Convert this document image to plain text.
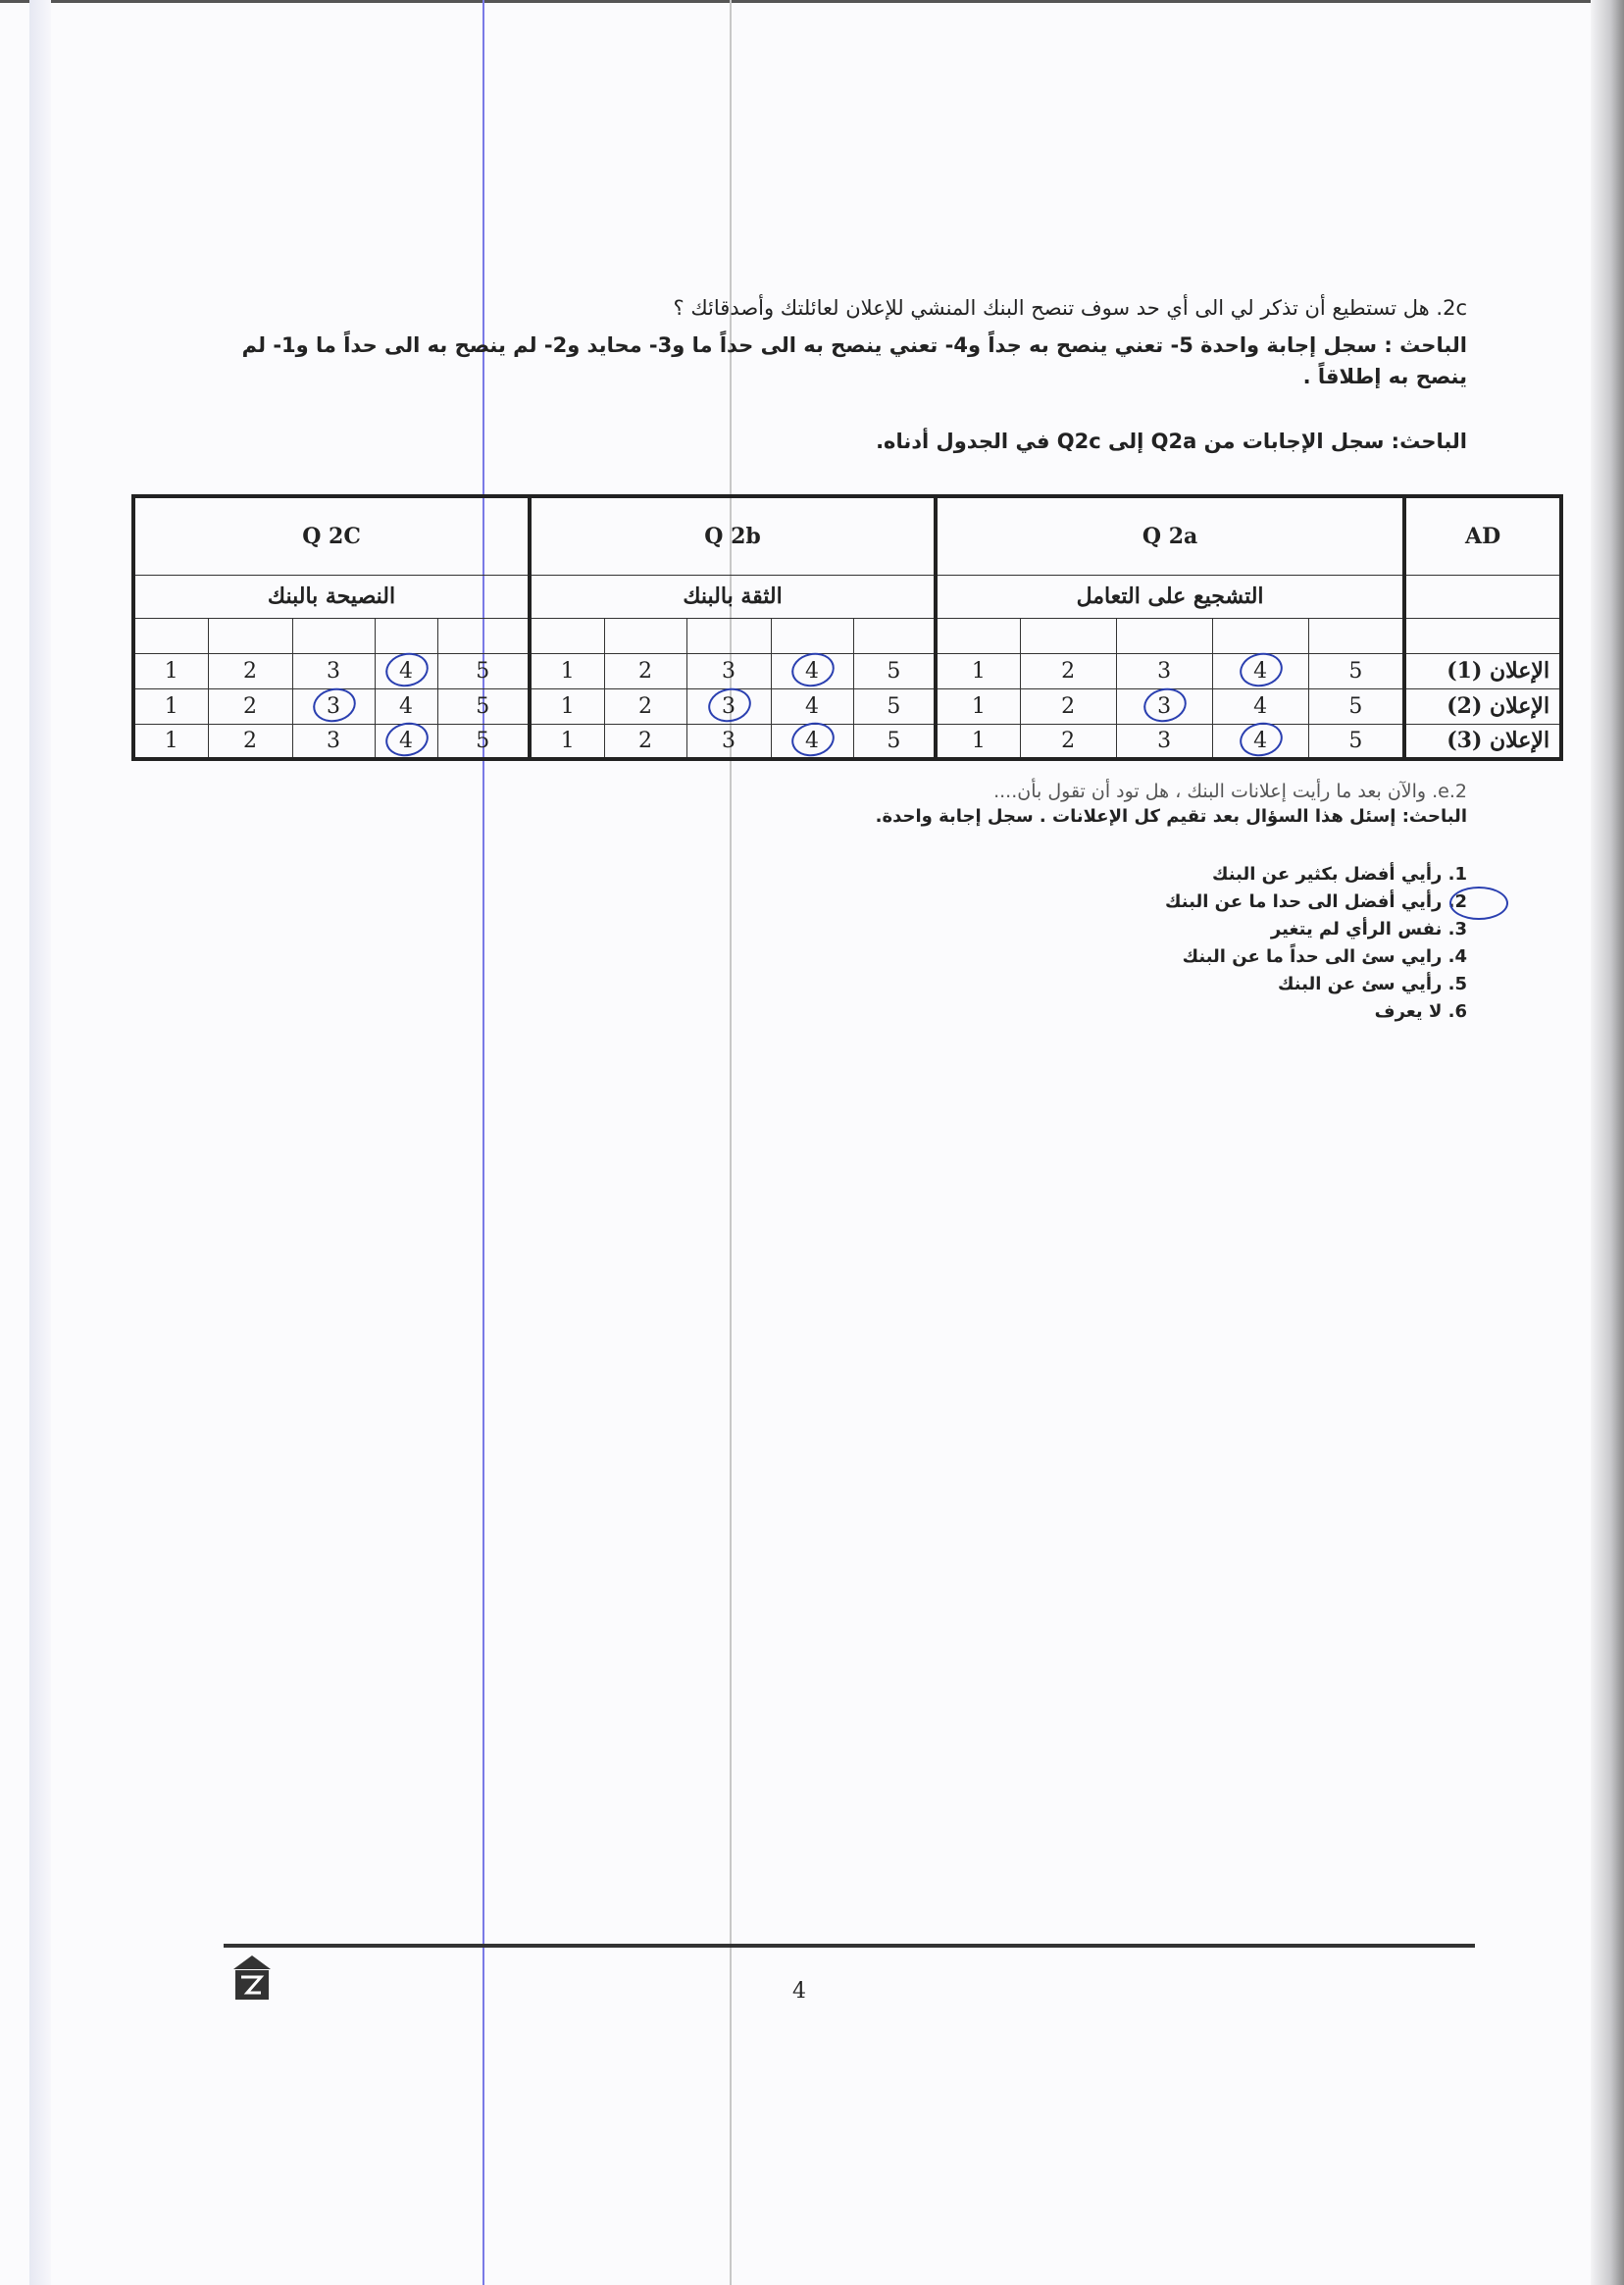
2c. هل تستطيع أن تذكر لي الى أي حد سوف تنصح البنك المنشي للإعلان لعائلتك وأصدقائك ؟
الباحث : سجل إجابة واحدة 5- تعني ينصح به جداً و4- تعني ينصح به الى حداً ما و3- محايد و2- لم ينصح به الى حداً ما و1- لم ينصح به إطلاقاً .
الباحث: سجل الإجابات من Q2a إلى Q2c في الجدول أدناه.
Q 2C					Q 2b					Q 2a					AD
النصيحة بالبنك					الثقة بالبنك					التشجيع على التعامل					

1	2	3	4	5	1	2	3	4	5	1	2	3	4	5	الإعلان (1)
1	2	3	4	5	1	2	3	4	5	1	2	3	4	5	الإعلان (2)
1	2	3	4	5	1	2	3	4	5	1	2	3	4	5	الإعلان (3)
2.e. والآن بعد ما رأيت إعلانات البنك ، هل تود أن تقول بأن....
الباحث: إسئل هذا السؤال بعد تقيم كل الإعلانات . سجل إجابة واحدة.
1. رأيي أفضل بكثير عن البنك
2. رأيي أفضل الى حدا ما عن البنك
3. نفس الرأي لم يتغير
4. رايي سئ الى حداً ما عن البنك
5. رأيي سئ عن البنك
6. لا يعرف
4
